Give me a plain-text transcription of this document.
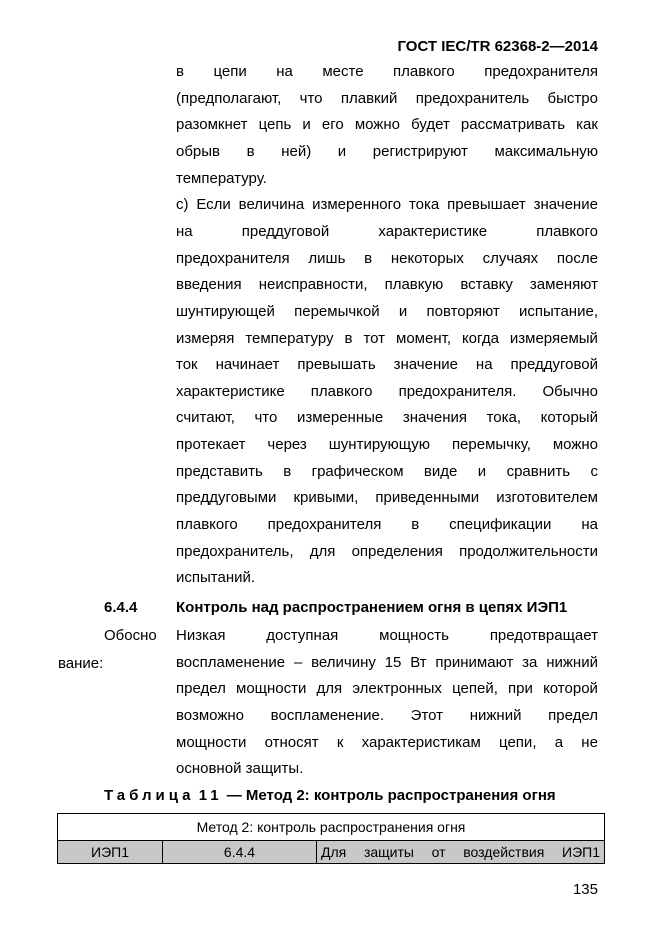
ГОСТ IEC/TR 62368-2—2014
в цепи на месте плавкого предохранителя
(предполагают, что плавкий предохранитель быстро
разомкнет цепь и его можно будет рассматривать как
обрыв в ней) и регистрируют максимальную
температуру.
с) Если величина измеренного тока превышает значение
на	преддуговой	характеристике	плавкого
предохранителя лишь в некоторых случаях после
введения неисправности, плавкую вставку заменяют
шунтирующей перемычкой и повторяют испытание,
измеряя температуру в тот момент, когда измеряемый
ток начинает превышать значение на преддуговой
характеристике плавкого предохранителя. Обычно
считают, что измеренные значения тока, который
протекает через шунтирующую перемычку, можно
представить в графическом виде и сравнить с
преддуговыми кривыми, приведенными изготовителем
плавкого предохранителя в спецификации на
предохранитель, для определения продолжительности
испытаний.
6.4.4	Контроль над распространением огня в цепях ИЭП1
Обосно
вание:
Низкая	доступная	мощность	предотвращает
воспламенение – величину 15 Вт принимают за нижний
предел мощности для электронных цепей, при которой
возможно воспламенение. Этот нижний предел
мощности относят к характеристикам цепи, а не
основной защиты.
Таблица 11 — Метод 2: контроль распространения огня
Метод 2: контроль распространения огня
ИЭП1	6.4.4	Для защиты от воздействия ИЭП1
135
